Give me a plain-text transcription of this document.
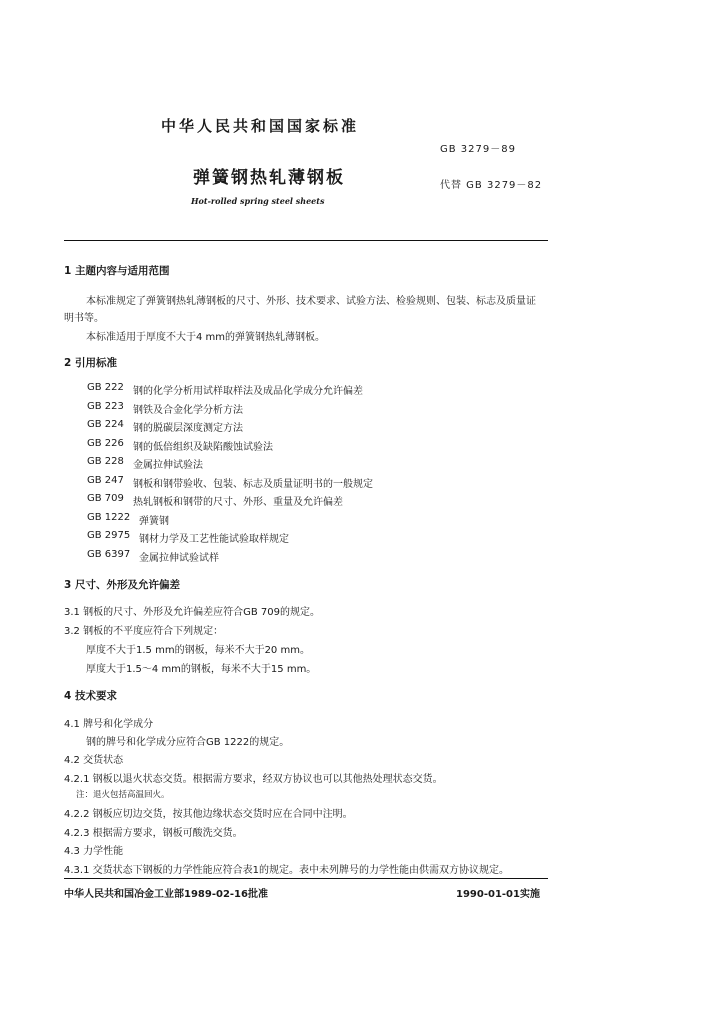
中华人民共和国国家标准
GB 3279－89
弹簧钢热轧薄钢板	代替 GB 3279－82
Hot-rolled spring steel sheets
1 主题内容与适用范围
本标准规定了弹簧钢热轧薄钢板的尺寸、外形、技术要求、试验方法、检验规则、包装、标志及质量证
明书等。
本标准适用于厚度不大于4 mm的弹簧钢热轧薄钢板。
2 引用标准
GB 222 钢的化学分析用试样取样法及成品化学成分允许偏差
GB 223 钢铁及合金化学分析方法
GB 224 钢的脱碳层深度测定方法
GB 226 钢的低倍组织及缺陷酸蚀试验法
GB 228 金属拉伸试验法
GB 247 钢板和钢带验收、包装、标志及质量证明书的一般规定
GB 709 热轧钢板和钢带的尺寸、外形、重量及允许偏差
GB 1222 弹簧钢
GB 2975 钢材力学及工艺性能试验取样规定
GB 6397 金属拉伸试验试样
3 尺寸、外形及允许偏差
3.1 钢板的尺寸、外形及允许偏差应符合GB 709的规定。
3.2 钢板的不平度应符合下列规定：
厚度不大于1.5 mm的钢板，每米不大于20 mm。
厚度大于1.5～4 mm的钢板，每米不大于15 mm。
4 技术要求
4.1 牌号和化学成分
钢的牌号和化学成分应符合GB 1222的规定。
4.2 交货状态
4.2.1 钢板以退火状态交货。根据需方要求，经双方协议也可以其他热处理状态交货。
注：退火包括高温回火。
4.2.2 钢板应切边交货，按其他边缘状态交货时应在合同中注明。
4.2.3 根据需方要求，钢板可酸洗交货。
4.3 力学性能
4.3.1 交货状态下钢板的力学性能应符合表1的规定。表中未列牌号的力学性能由供需双方协议规定。
中华人民共和国冶金工业部1989-02-16批准	1990-01-01实施
